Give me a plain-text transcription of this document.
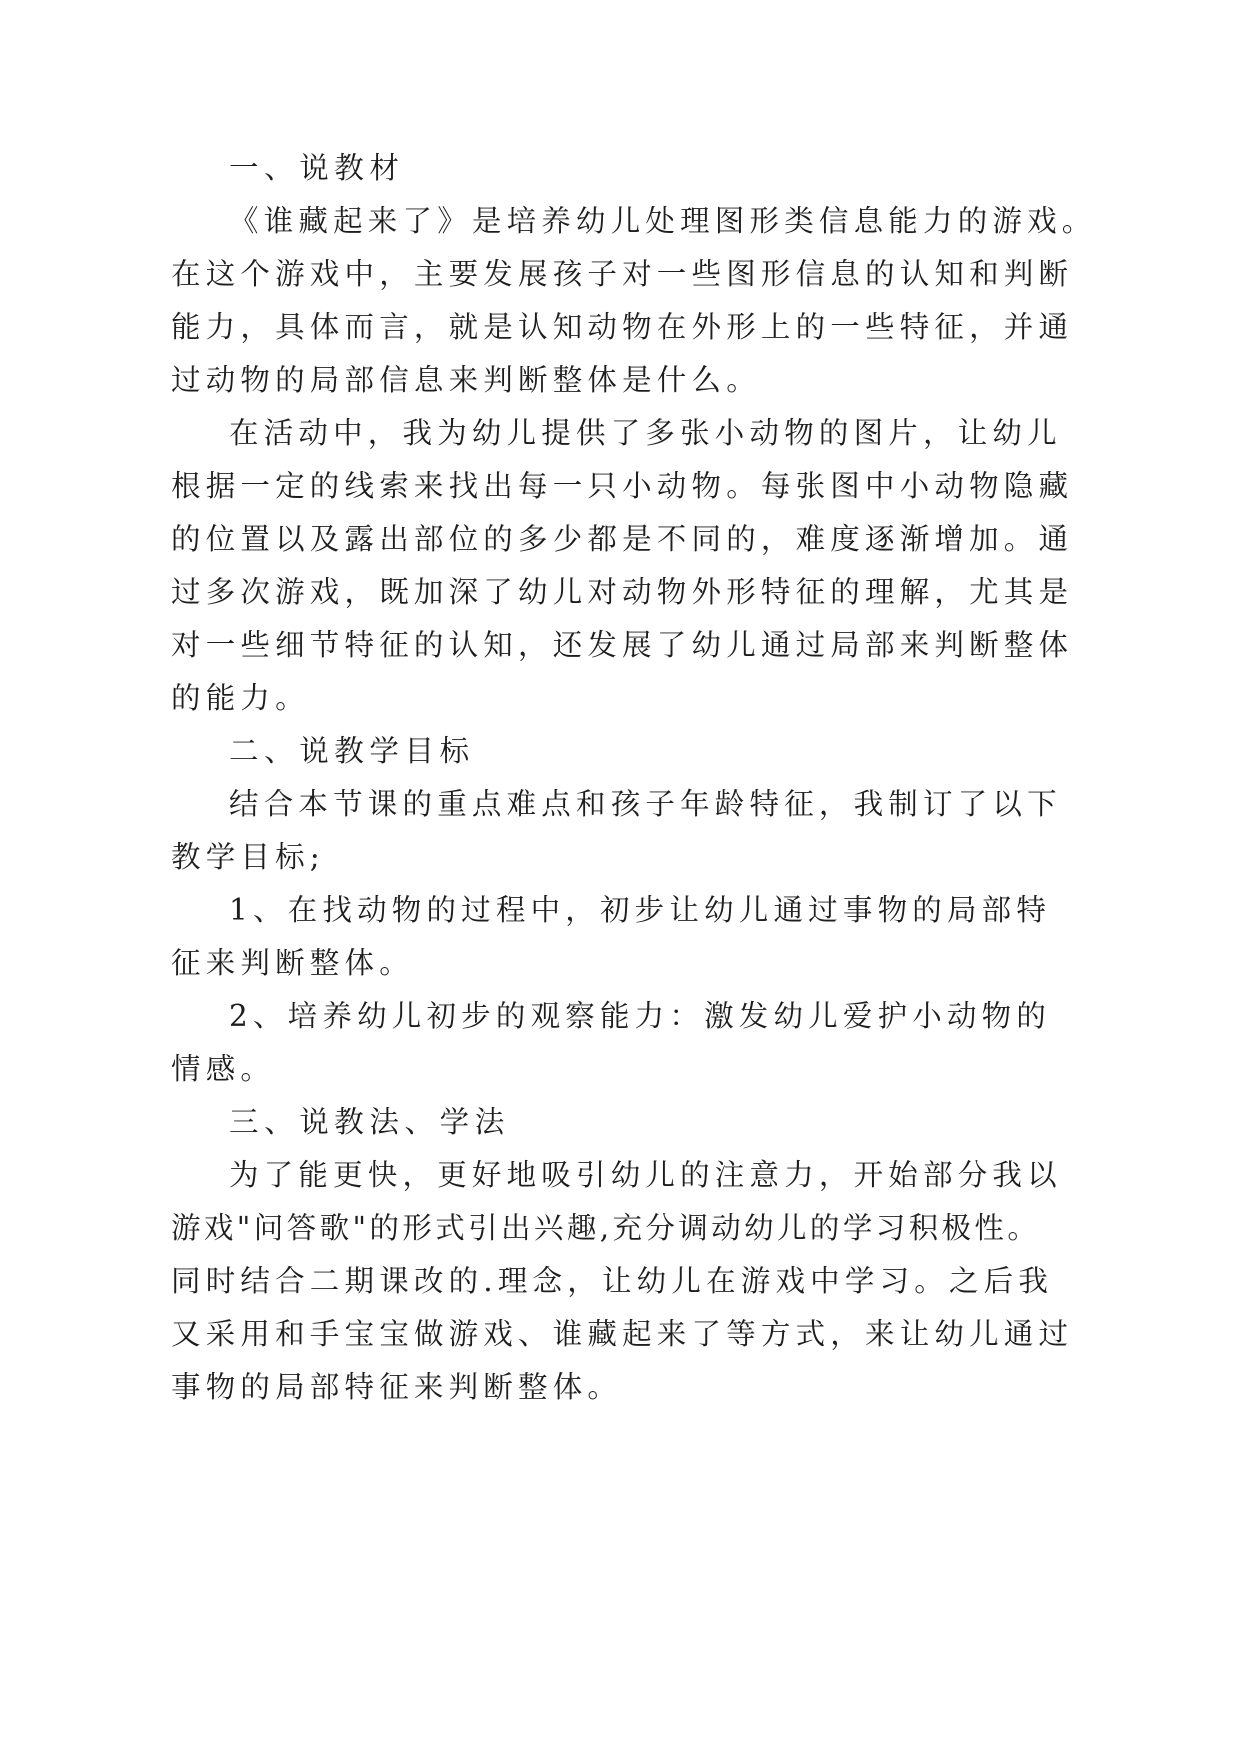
一、说教材

《谁藏起来了》是培养幼儿处理图形类信息能力的游戏。

在这个游戏中，主要发展孩子对一些图形信息的认知和判断

能力，具体而言，就是认知动物在外形上的一些特征，并通

过动物的局部信息来判断整体是什么。

在活动中，我为幼儿提供了多张小动物的图片，让幼儿

根据一定的线索来找出每一只小动物。每张图中小动物隐藏

的位置以及露出部位的多少都是不同的，难度逐渐增加。通

过多次游戏，既加深了幼儿对动物外形特征的理解，尤其是

对一些细节特征的认知，还发展了幼儿通过局部来判断整体

的能力。

二、说教学目标

结合本节课的重点难点和孩子年龄特征，我制订了以下

教学目标;

1、在找动物的过程中，初步让幼儿通过事物的局部特

征来判断整体。

2、培养幼儿初步的观察能力：激发幼儿爱护小动物的

情感。

三、说教法、学法

为了能更快，更好地吸引幼儿的注意力，开始部分我以

游戏"问答歌"的形式引出兴趣,充分调动幼儿的学习积极性。

同时结合二期课改的.理念，让幼儿在游戏中学习。之后我

又采用和手宝宝做游戏、谁藏起来了等方式，来让幼儿通过

事物的局部特征来判断整体。
